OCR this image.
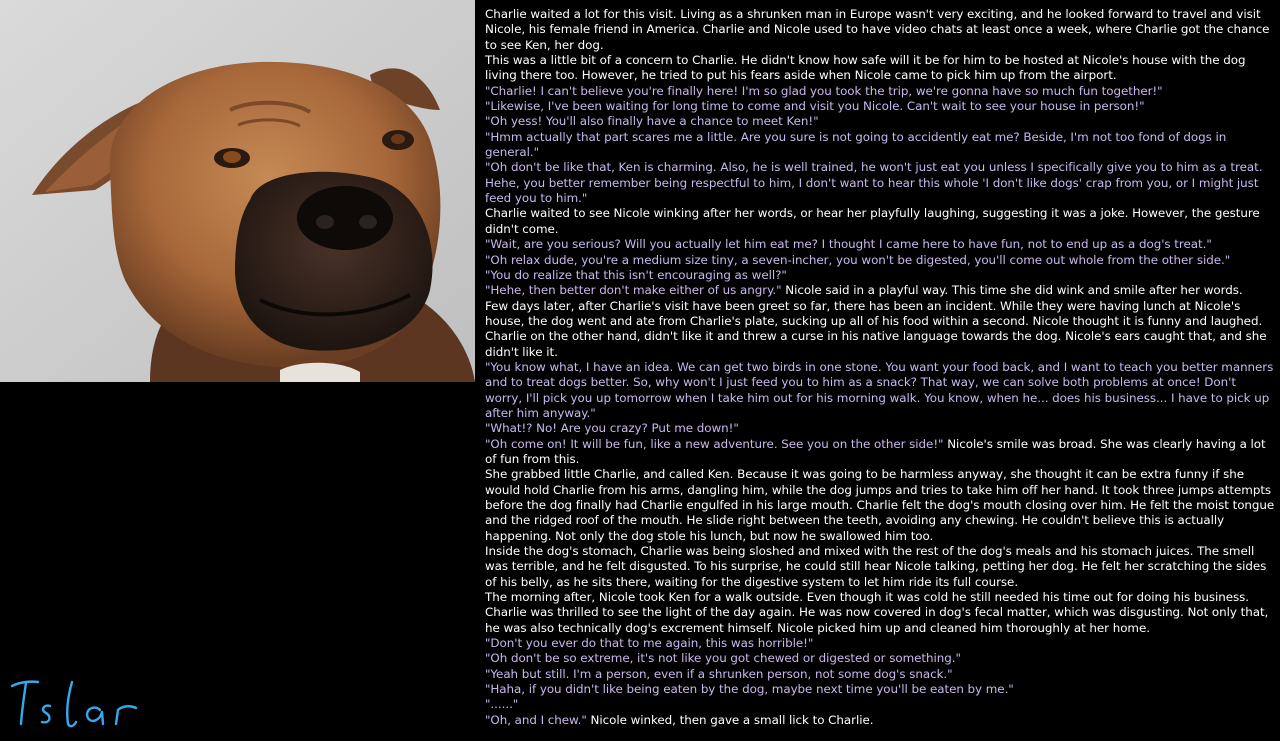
Charlie waited a lot for this visit. Living as a shrunken man in Europe wasn't very exciting, and he looked forward to travel and visit Nicole, his female friend in America. Charlie and Nicole used to have video chats at least once a week, where Charlie got the chance to see Ken, her dog.

This was a little bit of a concern to Charlie. He didn't know how safe will it be for him to be hosted at Nicole's house with the dog living there too. However, he tried to put his fears aside when Nicole came to pick him up from the airport.

"Charlie! I can't believe you're finally here! I'm so glad you took the trip, we're gonna have so much fun together!"

"Likewise, I've been waiting for long time to come and visit you Nicole. Can't wait to see your house in person!"

"Oh yess! You'll also finally have a chance to meet Ken!"

"Hmm actually that part scares me a little. Are you sure is not going to accidently eat me? Beside, I'm not too fond of dogs in general."

"Oh don't be like that, Ken is charming. Also, he is well trained, he won't just eat you unless I specifically give you to him as a treat. Hehe, you better remember being respectful to him, I don't want to hear this whole 'I don't like dogs' crap from you, or I might just feed you to him."

Charlie waited to see Nicole winking after her words, or hear her playfully laughing, suggesting it was a joke. However, the gesture didn't come.

"Wait, are you serious? Will you actually let him eat me? I thought I came here to have fun, not to end up as a dog's treat."

"Oh relax dude, you're a medium size tiny, a seven-incher, you won't be digested, you'll come out whole from the other side."

"You do realize that this isn't encouraging as well?"

"Hehe, then better don't make either of us angry." Nicole said in a playful way. This time she did wink and smile after her words.

Few days later, after Charlie's visit have been greet so far, there has been an incident. While they were having lunch at Nicole's house, the dog went and ate from Charlie's plate, sucking up all of his food within a second. Nicole thought it is funny and laughed. Charlie on the other hand, didn't like it and threw a curse in his native language towards the dog. Nicole's ears caught that, and she didn't like it.

"You know what, I have an idea. We can get two birds in one stone. You want your food back, and I want to teach you better manners and to treat dogs better. So, why won't I just feed you to him as a snack? That way, we can solve both problems at once! Don't worry, I'll pick you up tomorrow when I take him out for his morning walk. You know, when he... does his business... I have to pick up after him anyway."

"What!? No! Are you crazy? Put me down!"

"Oh come on! It will be fun, like a new adventure. See you on the other side!" Nicole's smile was broad. She was clearly having a lot of fun from this.

She grabbed little Charlie, and called Ken. Because it was going to be harmless anyway, she thought it can be extra funny if she would hold Charlie from his arms, dangling him, while the dog jumps and tries to take him off her hand. It took three jumps attempts before the dog finally had Charlie engulfed in his large mouth. Charlie felt the dog's mouth closing over him. He felt the moist tongue and the ridged roof of the mouth. He slide right between the teeth, avoiding any chewing. He couldn't believe this is actually happening. Not only the dog stole his lunch, but now he swallowed him too.

Inside the dog's stomach, Charlie was being sloshed and mixed with the rest of the dog's meals and his stomach juices. The smell was terrible, and he felt disgusted. To his surprise, he could still hear Nicole talking, petting her dog. He felt her scratching the sides of his belly, as he sits there, waiting for the digestive system to let him ride its full course.

The morning after, Nicole took Ken for a walk outside. Even though it was cold he still needed his time out for doing his business. Charlie was thrilled to see the light of the day again. He was now covered in dog's fecal matter, which was disgusting. Not only that, he was also technically dog's excrement himself. Nicole picked him up and cleaned him thoroughly at her home.

"Don't you ever do that to me again, this was horrible!"

"Oh don't be so extreme, it's not like you got chewed or digested or something."

"Yeah but still. I'm a person, even if a shrunken person, not some dog's snack."

"Haha, if you didn't like being eaten by the dog, maybe next time you'll be eaten by me."

"......"

"Oh, and I chew." Nicole winked, then gave a small lick to Charlie.
